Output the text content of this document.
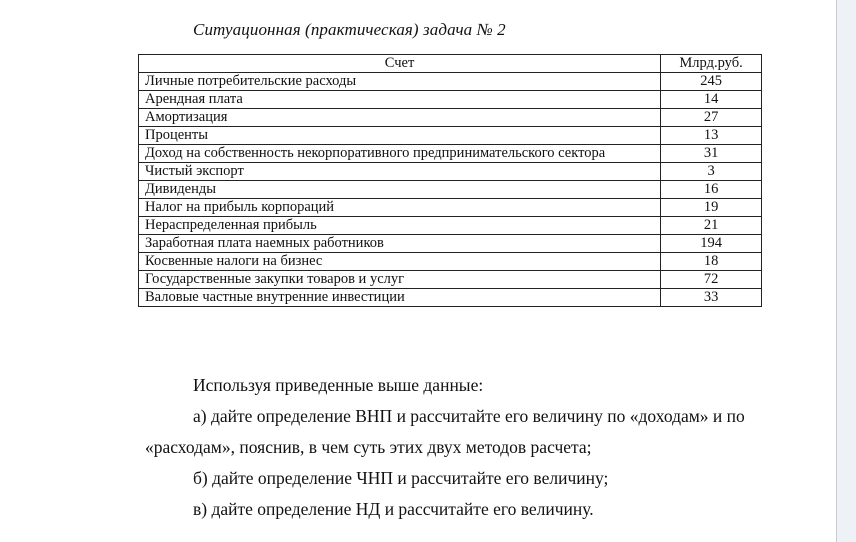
Ситуационная (практическая) задача № 2
Счет	Млрд.руб.
Личные потребительские расходы	245
Арендная плата	14
Амортизация	27
Проценты	13
Доход на собственность некорпоративного предпринимательского сектора	31
Чистый экспорт	3
Дивиденды	16
Налог на прибыль корпораций	19
Нераспределенная прибыль	21
Заработная плата наемных работников	194
Косвенные налоги на бизнес	18
Государственные закупки товаров и услуг	72
Валовые частные внутренние инвестиции	33

Используя приведенные выше данные:

а) дайте определение ВНП и рассчитайте его величину по «доходам» и по «расходам», пояснив, в чем суть этих двух методов расчета;

б) дайте определение ЧНП и рассчитайте его величину;

в) дайте определение НД и рассчитайте его величину.
